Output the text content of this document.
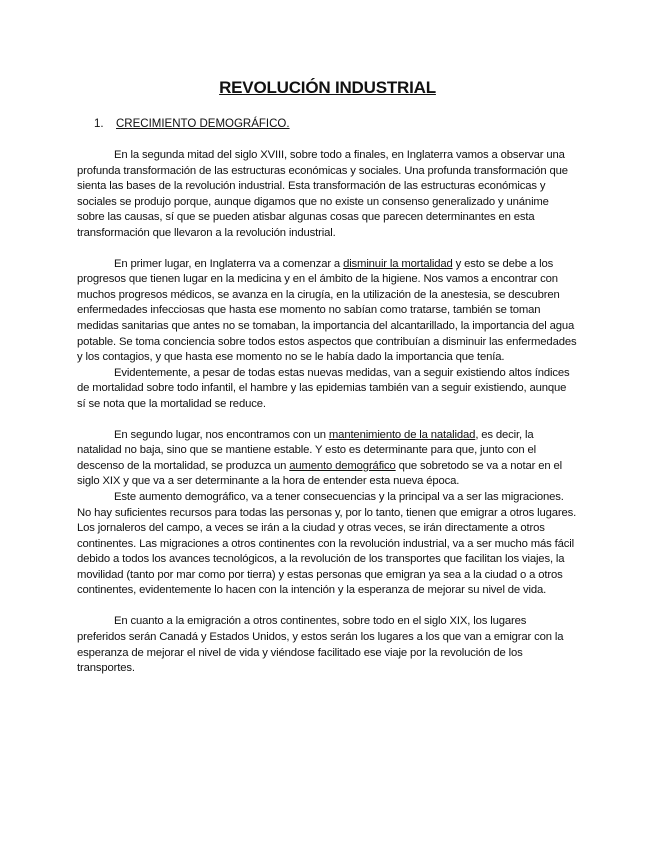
REVOLUCIÓN INDUSTRIAL
1. CRECIMIENTO DEMOGRÁFICO.

En la segunda mitad del siglo XVIII, sobre todo a finales, en Inglaterra vamos a observar una profunda transformación de las estructuras económicas y sociales. Una profunda transformación que sienta las bases de la revolución industrial. Esta transformación de las estructuras económicas y sociales se produjo porque, aunque digamos que no existe un consenso generalizado y unánime sobre las causas, sí que se pueden atisbar algunas cosas que parecen determinantes en esta transformación que llevaron a la revolución industrial.

En primer lugar, en Inglaterra va a comenzar a disminuir la mortalidad y esto se debe a los progresos que tienen lugar en la medicina y en el ámbito de la higiene. Nos vamos a encontrar con muchos progresos médicos, se avanza en la cirugía, en la utilización de la anestesia, se descubren enfermedades infecciosas que hasta ese momento no sabían como tratarse, también se toman medidas sanitarias que antes no se tomaban, la importancia del alcantarillado, la importancia del agua potable. Se toma conciencia sobre todos estos aspectos que contribuían a disminuir las enfermedades y los contagios, y que hasta ese momento no se le había dado la importancia que tenía.

Evidentemente, a pesar de todas estas nuevas medidas, van a seguir existiendo altos índices de mortalidad sobre todo infantil, el hambre y las epidemias también van a seguir existiendo, aunque sí se nota que la mortalidad se reduce.

En segundo lugar, nos encontramos con un mantenimiento de la natalidad, es decir, la natalidad no baja, sino que se mantiene estable. Y esto es determinante para que, junto con el descenso de la mortalidad, se produzca un aumento demográfico que sobretodo se va a notar en el siglo XIX y que va a ser determinante a la hora de entender esta nueva época.

Este aumento demográfico, va a tener consecuencias y la principal va a ser las migraciones. No hay suficientes recursos para todas las personas y, por lo tanto, tienen que emigrar a otros lugares. Los jornaleros del campo, a veces se irán a la ciudad y otras veces, se irán directamente a otros continentes. Las migraciones a otros continentes con la revolución industrial, va a ser mucho más fácil debido a todos los avances tecnológicos, a la revolución de los transportes que facilitan los viajes, la movilidad (tanto por mar como por tierra) y estas personas que emigran ya sea a la ciudad o a otros continentes, evidentemente lo hacen con la intención y la esperanza de mejorar su nivel de vida.

En cuanto a la emigración a otros continentes, sobre todo en el siglo XIX, los lugares preferidos serán Canadá y Estados Unidos, y estos serán los lugares a los que van a emigrar con la esperanza de mejorar el nivel de vida y viéndose facilitado ese viaje por la revolución de los transportes.
